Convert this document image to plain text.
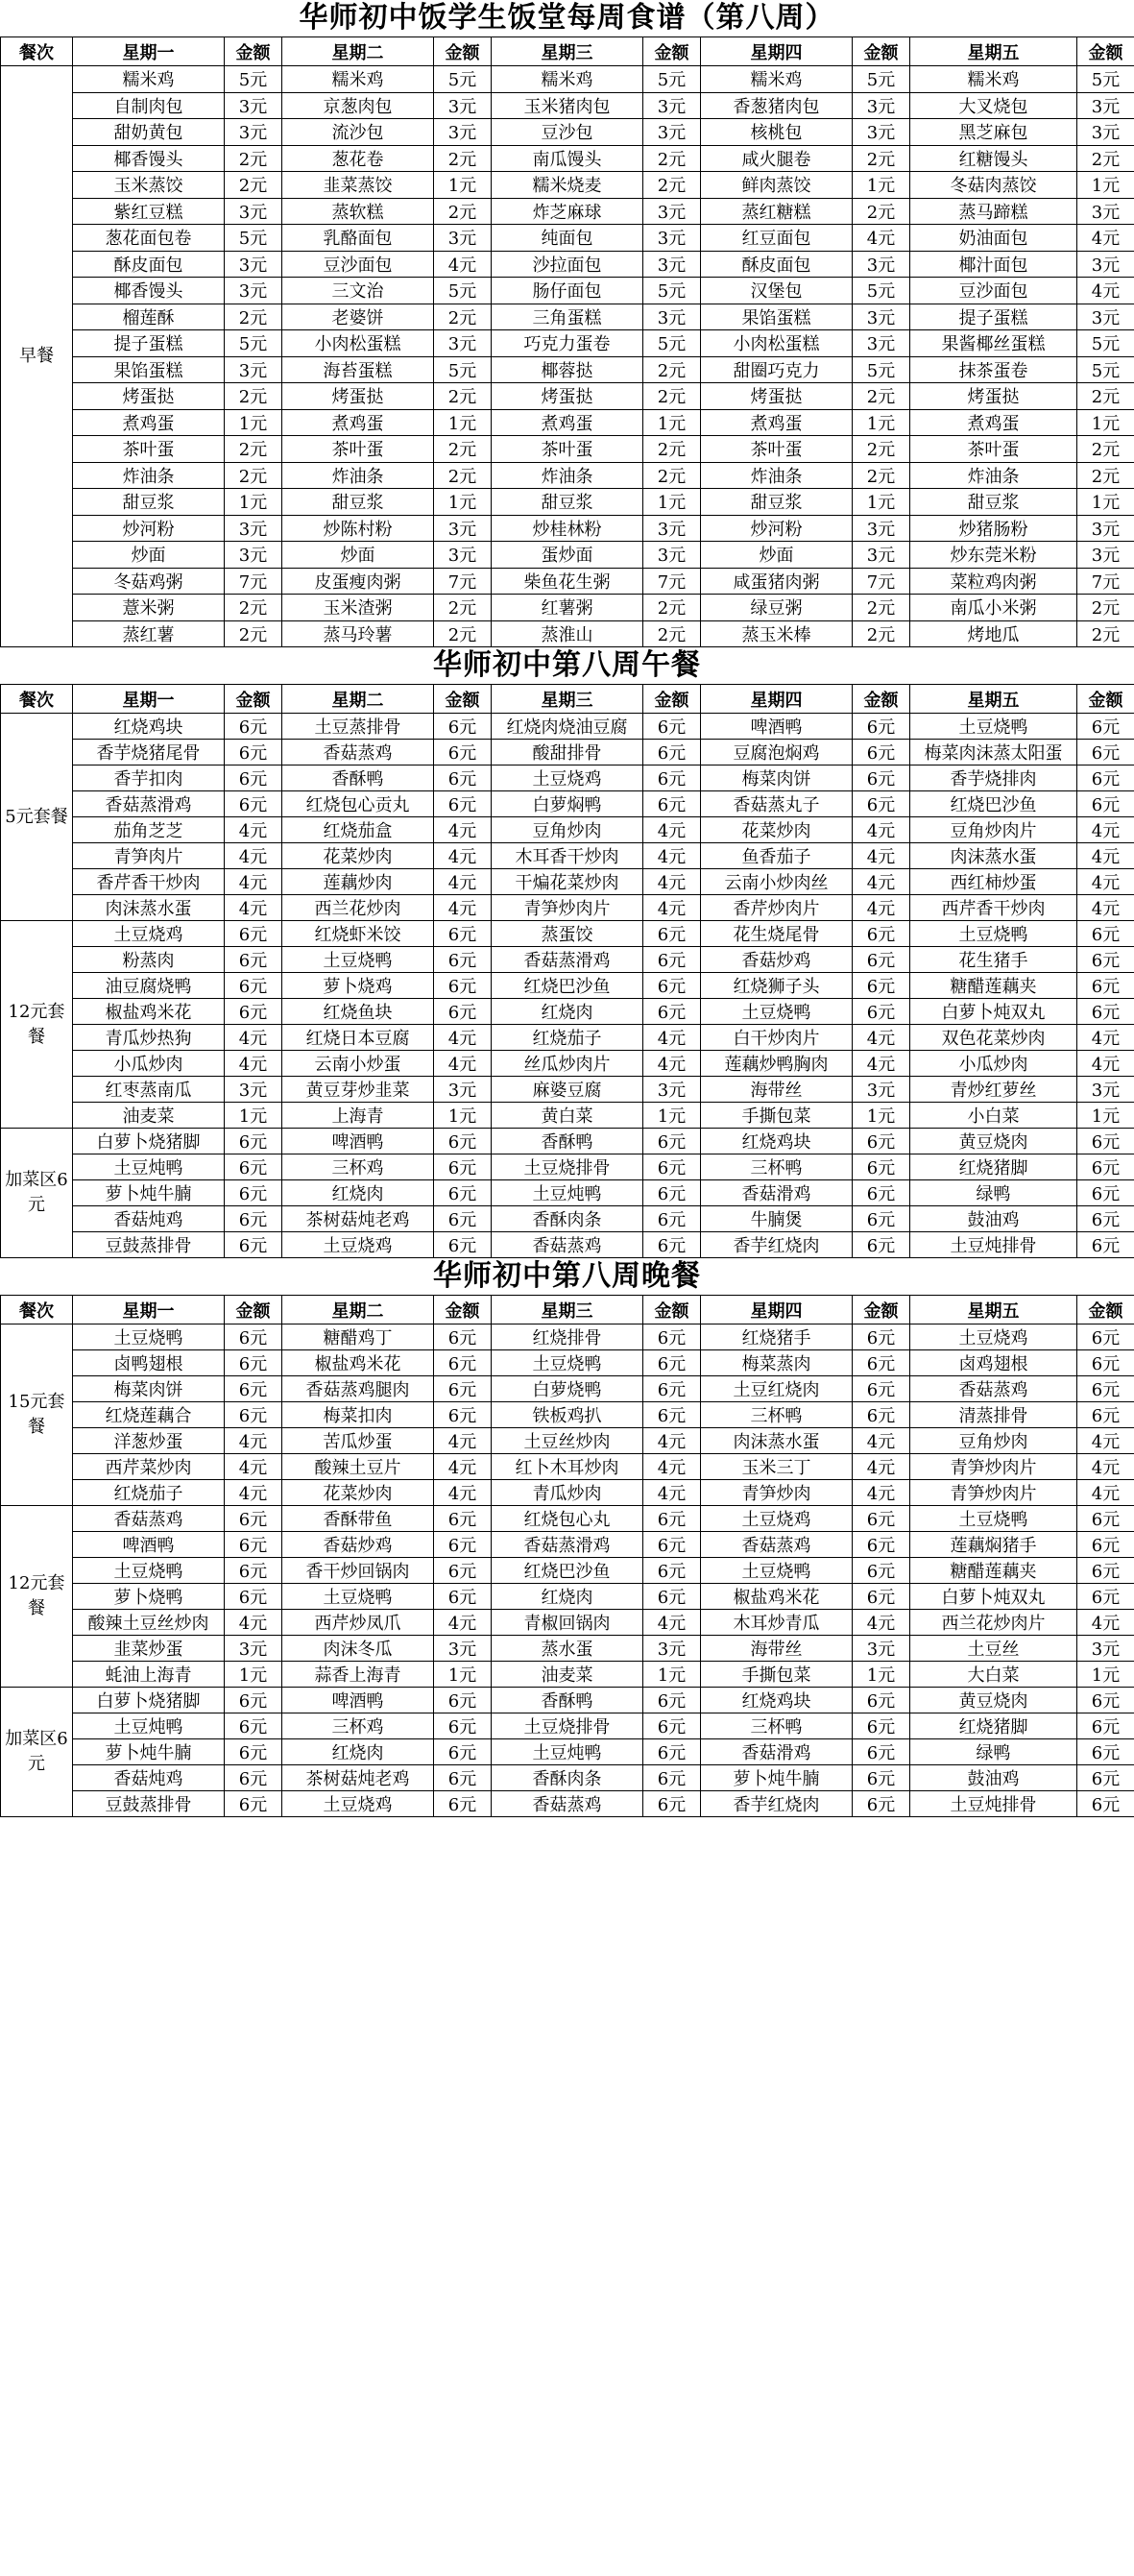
华师初中饭学生饭堂每周食谱（第八周）
餐次	星期一	金额	星期二	金额	星期三	金额	星期四	金额	星期五	金额
早餐	糯米鸡	5元	糯米鸡	5元	糯米鸡	5元	糯米鸡	5元	糯米鸡	5元
	自制肉包	3元	京葱肉包	3元	玉米猪肉包	3元	香葱猪肉包	3元	大叉烧包	3元
	甜奶黄包	3元	流沙包	3元	豆沙包	3元	核桃包	3元	黑芝麻包	3元
	椰香馒头	2元	葱花卷	2元	南瓜馒头	2元	咸火腿卷	2元	红糖馒头	2元
	玉米蒸饺	2元	韭菜蒸饺	1元	糯米烧麦	2元	鲜肉蒸饺	1元	冬菇肉蒸饺	1元
	紫红豆糕	3元	蒸软糕	2元	炸芝麻球	3元	蒸红糖糕	2元	蒸马蹄糕	3元
	葱花面包卷	5元	乳酪面包	3元	纯面包	3元	红豆面包	4元	奶油面包	4元
	酥皮面包	3元	豆沙面包	4元	沙拉面包	3元	酥皮面包	3元	椰汁面包	3元
	椰香馒头	3元	三文治	5元	肠仔面包	5元	汉堡包	5元	豆沙面包	4元
	榴莲酥	2元	老婆饼	2元	三角蛋糕	3元	果馅蛋糕	3元	提子蛋糕	3元
	提子蛋糕	5元	小肉松蛋糕	3元	巧克力蛋卷	5元	小肉松蛋糕	3元	果酱椰丝蛋糕	5元
	果馅蛋糕	3元	海苔蛋糕	5元	椰蓉挞	2元	甜圈巧克力	5元	抹茶蛋卷	5元
	烤蛋挞	2元	烤蛋挞	2元	烤蛋挞	2元	烤蛋挞	2元	烤蛋挞	2元
	煮鸡蛋	1元	煮鸡蛋	1元	煮鸡蛋	1元	煮鸡蛋	1元	煮鸡蛋	1元
	茶叶蛋	2元	茶叶蛋	2元	茶叶蛋	2元	茶叶蛋	2元	茶叶蛋	2元
	炸油条	2元	炸油条	2元	炸油条	2元	炸油条	2元	炸油条	2元
	甜豆浆	1元	甜豆浆	1元	甜豆浆	1元	甜豆浆	1元	甜豆浆	1元
	炒河粉	3元	炒陈村粉	3元	炒桂林粉	3元	炒河粉	3元	炒猪肠粉	3元
	炒面	3元	炒面	3元	蛋炒面	3元	炒面	3元	炒东莞米粉	3元
	冬菇鸡粥	7元	皮蛋瘦肉粥	7元	柴鱼花生粥	7元	咸蛋猪肉粥	7元	菜粒鸡肉粥	7元
	薏米粥	2元	玉米渣粥	2元	红薯粥	2元	绿豆粥	2元	南瓜小米粥	2元
	蒸红薯	2元	蒸马玲薯	2元	蒸淮山	2元	蒸玉米棒	2元	烤地瓜	2元
华师初中第八周午餐
餐次	星期一	金额	星期二	金额	星期三	金额	星期四	金额	星期五	金额
5元套餐	红烧鸡块	6元	土豆蒸排骨	6元	红烧肉烧油豆腐	6元	啤酒鸭	6元	土豆烧鸭	6元
	香芋烧猪尾骨	6元	香菇蒸鸡	6元	酸甜排骨	6元	豆腐泡焖鸡	6元	梅菜肉沫蒸太阳蛋	6元
	香芋扣肉	6元	香酥鸭	6元	土豆烧鸡	6元	梅菜肉饼	6元	香芋烧排肉	6元
	香菇蒸滑鸡	6元	红烧包心贡丸	6元	白萝焖鸭	6元	香菇蒸丸子	6元	红烧巴沙鱼	6元
	茄角芝芝	4元	红烧茄盒	4元	豆角炒肉	4元	花菜炒肉	4元	豆角炒肉片	4元
	青笋肉片	4元	花菜炒肉	4元	木耳香干炒肉	4元	鱼香茄子	4元	肉沫蒸水蛋	4元
	香芹香干炒肉	4元	莲藕炒肉	4元	干煸花菜炒肉	4元	云南小炒肉丝	4元	西红柿炒蛋	4元
	肉沫蒸水蛋	4元	西兰花炒肉	4元	青笋炒肉片	4元	香芹炒肉片	4元	西芹香干炒肉	4元
12元套餐	土豆烧鸡	6元	红烧虾米饺	6元	蒸蛋饺	6元	花生烧尾骨	6元	土豆烧鸭	6元
	粉蒸肉	6元	土豆烧鸭	6元	香菇蒸滑鸡	6元	香菇炒鸡	6元	花生猪手	6元
	油豆腐烧鸭	6元	萝卜烧鸡	6元	红烧巴沙鱼	6元	红烧狮子头	6元	糖醋莲藕夹	6元
	椒盐鸡米花	6元	红烧鱼块	6元	红烧肉	6元	土豆烧鸭	6元	白萝卜炖双丸	6元
	青瓜炒热狗	4元	红烧日本豆腐	4元	红烧茄子	4元	白干炒肉片	4元	双色花菜炒肉	4元
	小瓜炒肉	4元	云南小炒蛋	4元	丝瓜炒肉片	4元	莲藕炒鸭胸肉	4元	小瓜炒肉	4元
	红枣蒸南瓜	3元	黄豆芽炒韭菜	3元	麻婆豆腐	3元	海带丝	3元	青炒红萝丝	3元
	油麦菜	1元	上海青	1元	黄白菜	1元	手撕包菜	1元	小白菜	1元
加菜区6元	白萝卜烧猪脚	6元	啤酒鸭	6元	香酥鸭	6元	红烧鸡块	6元	黄豆烧肉	6元
	土豆炖鸭	6元	三杯鸡	6元	土豆烧排骨	6元	三杯鸭	6元	红烧猪脚	6元
	萝卜炖牛腩	6元	红烧肉	6元	土豆炖鸭	6元	香菇滑鸡	6元	绿鸭	6元
	香菇炖鸡	6元	茶树菇炖老鸡	6元	香酥肉条	6元	牛腩煲	6元	鼓油鸡	6元
	豆鼓蒸排骨	6元	土豆烧鸡	6元	香菇蒸鸡	6元	香芋红烧肉	6元	土豆炖排骨	6元
华师初中第八周晚餐
餐次	星期一	金额	星期二	金额	星期三	金额	星期四	金额	星期五	金额
15元套餐	土豆烧鸭	6元	糖醋鸡丁	6元	红烧排骨	6元	红烧猪手	6元	土豆烧鸡	6元
	卤鸭翅根	6元	椒盐鸡米花	6元	土豆烧鸭	6元	梅菜蒸肉	6元	卤鸡翅根	6元
	梅菜肉饼	6元	香菇蒸鸡腿肉	6元	白萝烧鸭	6元	土豆红烧肉	6元	香菇蒸鸡	6元
	红烧莲藕合	6元	梅菜扣肉	6元	铁板鸡扒	6元	三杯鸭	6元	清蒸排骨	6元
	洋葱炒蛋	4元	苦瓜炒蛋	4元	土豆丝炒肉	4元	肉沫蒸水蛋	4元	豆角炒肉	4元
	西芹菜炒肉	4元	酸辣土豆片	4元	红卜木耳炒肉	4元	玉米三丁	4元	青笋炒肉片	4元
	红烧茄子	4元	花菜炒肉	4元	青瓜炒肉	4元	青笋炒肉	4元	青笋炒肉片	4元
12元套餐	香菇蒸鸡	6元	香酥带鱼	6元	红烧包心丸	6元	土豆烧鸡	6元	土豆烧鸭	6元
	啤酒鸭	6元	香菇炒鸡	6元	香菇蒸滑鸡	6元	香菇蒸鸡	6元	莲藕焖猪手	6元
	土豆烧鸭	6元	香干炒回锅肉	6元	红烧巴沙鱼	6元	土豆烧鸭	6元	糖醋莲藕夹	6元
	萝卜烧鸭	6元	土豆烧鸭	6元	红烧肉	6元	椒盐鸡米花	6元	白萝卜炖双丸	6元
	酸辣土豆丝炒肉	4元	西芹炒凤爪	4元	青椒回锅肉	4元	木耳炒青瓜	4元	西兰花炒肉片	4元
	韭菜炒蛋	3元	肉沫冬瓜	3元	蒸水蛋	3元	海带丝	3元	土豆丝	3元
	蚝油上海青	1元	蒜香上海青	1元	油麦菜	1元	手撕包菜	1元	大白菜	1元
加菜区6元	白萝卜烧猪脚	6元	啤酒鸭	6元	香酥鸭	6元	红烧鸡块	6元	黄豆烧肉	6元
	土豆炖鸭	6元	三杯鸡	6元	土豆烧排骨	6元	三杯鸭	6元	红烧猪脚	6元
	萝卜炖牛腩	6元	红烧肉	6元	土豆炖鸭	6元	香菇滑鸡	6元	绿鸭	6元
	香菇炖鸡	6元	茶树菇炖老鸡	6元	香酥肉条	6元	萝卜炖牛腩	6元	鼓油鸡	6元
	豆鼓蒸排骨	6元	土豆烧鸡	6元	香菇蒸鸡	6元	香芋红烧肉	6元	土豆炖排骨	6元
